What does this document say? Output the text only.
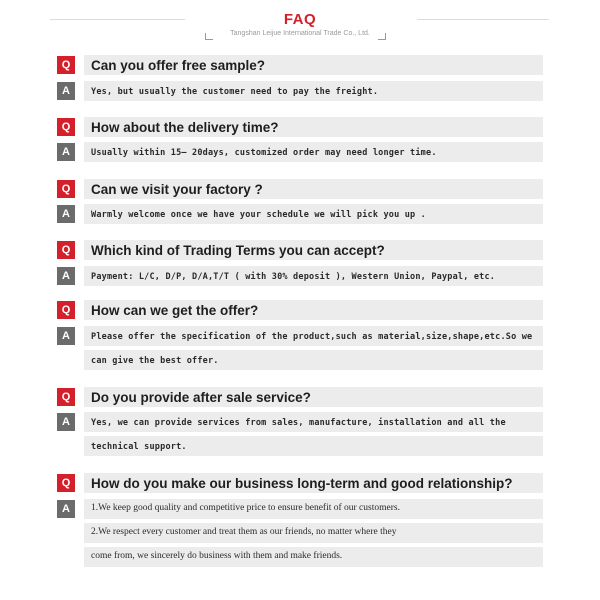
FAQ
Tangshan Leijue International Trade Co., Ltd.
Q	Can you offer free sample?
A	Yes, but usually the customer need to pay the freight.
Q	How about the delivery time?
A	Usually within 15– 20days, customized order may need longer time.
Q	Can we visit your factory ?
A	Warmly welcome once we have your schedule we will pick you up .
Q	Which kind of Trading Terms you can accept?
A	Payment: L/C, D/P, D/A,T/T ( with 30% deposit ), Western Union, Paypal, etc.
Q	How can we get the offer?
A	Please offer the specification of the product,such as material,size,shape,etc.So we
can give the best offer.
Q	Do you provide after sale service?
A	Yes, we can provide services from sales, manufacture, installation and all the
technical support.
Q	How do you make our business long-term and good relationship?
A	1.We keep good quality and competitive price to ensure benefit of our customers.
2.We respect every customer and treat them as our friends, no matter where they
come from, we sincerely do business with them and make friends.
